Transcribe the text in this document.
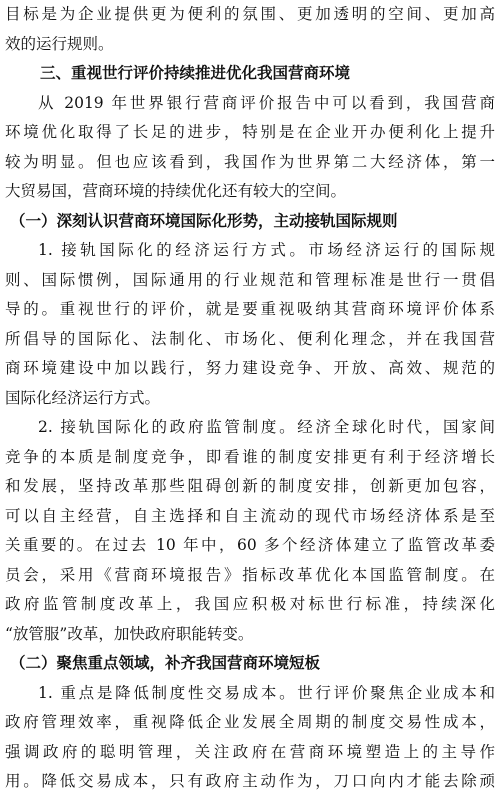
目标是为企业提供更为便利的氛围、更加透明的空间、更加高
效的运行规则。
三、重视世行评价持续推进优化我国营商环境
从 2019 年世界银行营商评价报告中可以看到，我国营商
环境优化取得了长足的进步，特别是在企业开办便利化上提升
较为明显。但也应该看到，我国作为世界第二大经济体，第一
大贸易国，营商环境的持续优化还有较大的空间。
（一）深刻认识营商环境国际化形势，主动接轨国际规则
1. 接轨国际化的经济运行方式。市场经济运行的国际规
则、国际惯例，国际通用的行业规范和管理标准是世行一贯倡
导的。重视世行的评价，就是要重视吸纳其营商环境评价体系
所倡导的国际化、法制化、市场化、便利化理念，并在我国营
商环境建设中加以践行，努力建设竞争、开放、高效、规范的
国际化经济运行方式。
2. 接轨国际化的政府监管制度。经济全球化时代，国家间
竞争的本质是制度竞争，即看谁的制度安排更有利于经济增长
和发展，坚持改革那些阻碍创新的制度安排，创新更加包容，
可以自主经营，自主选择和自主流动的现代市场经济体系是至
关重要的。在过去 10 年中，60 多个经济体建立了监管改革委
员会，采用《营商环境报告》指标改革优化本国监管制度。在
政府监管制度改革上，我国应积极对标世行标准，持续深化
“放管服”改革，加快政府职能转变。
（二）聚焦重点领域，补齐我国营商环境短板
1. 重点是降低制度性交易成本。世行评价聚焦企业成本和
政府管理效率，重视降低企业发展全周期的制度交易性成本，
强调政府的聪明管理，关注政府在营商环境塑造上的主导作
用。降低交易成本，只有政府主动作为，刀口向内才能去除顽
